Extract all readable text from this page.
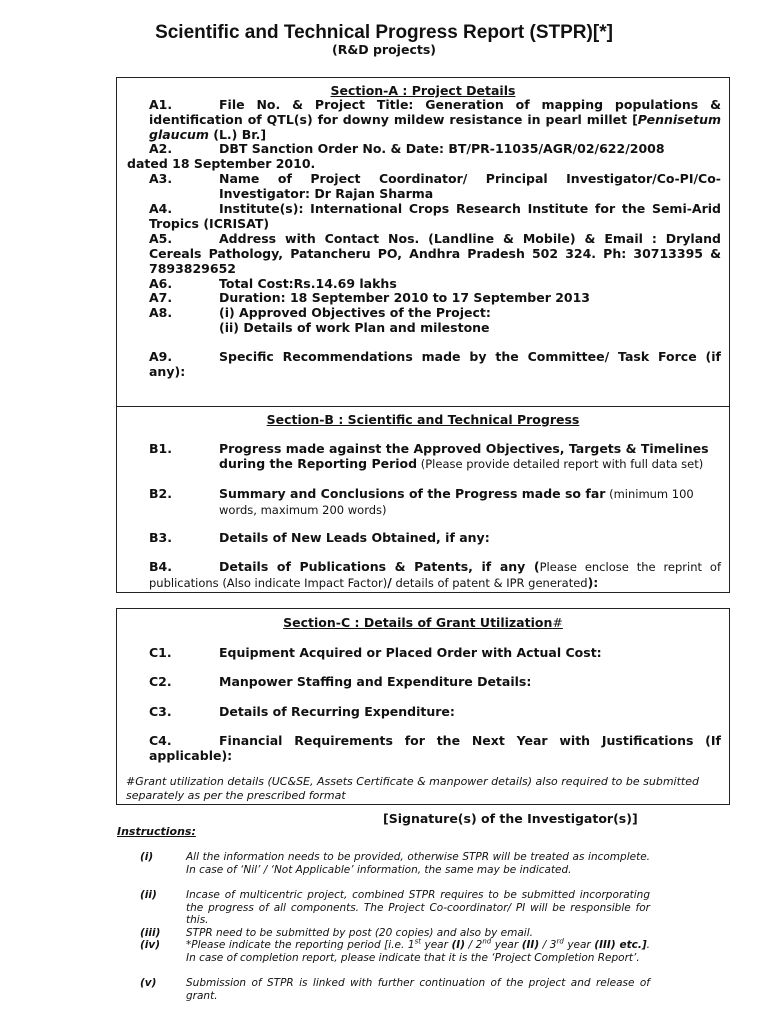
Scientific and Technical Progress Report (STPR)[*]
(R&D projects)
Section-A : Project Details
A1.	File No. & Project Title: Generation of mapping populations & identification of QTL(s) for downy mildew resistance in pearl millet [Pennisetum glaucum (L.) Br.]
A2.	DBT Sanction Order No. & Date: BT/PR-11035/AGR/02/622/2008
dated 18 September 2010.
A3.	Name of Project Coordinator/ Principal Investigator/Co-PI/Co-Investigator: Dr Rajan Sharma
A4.	Institute(s): International Crops Research Institute for the Semi-Arid Tropics (ICRISAT)
A5.	Address with Contact Nos. (Landline & Mobile) & Email : Dryland Cereals Pathology, Patancheru PO, Andhra Pradesh 502 324. Ph: 30713395 & 7893829652
A6.	Total Cost:Rs.14.69 lakhs
A7.	Duration: 18 September 2010 to 17 September 2013
A8.	(i) Approved Objectives of the Project:
(ii) Details of work Plan and milestone
A9.	Specific Recommendations made by the Committee/ Task Force (if any):
Section-B : Scientific and Technical Progress
B1.	Progress made against the Approved Objectives, Targets & Timelines during the Reporting Period (Please provide detailed report with full data set)
B2.	Summary and Conclusions of the Progress made so far (minimum 100 words, maximum 200 words)
B3.	Details of New Leads Obtained, if any:
B4.	Details of Publications & Patents, if any (Please enclose the reprint of publications (Also indicate Impact Factor)/ details of patent & IPR generated):
Section-C : Details of Grant Utilization#
C1.	Equipment Acquired or Placed Order with Actual Cost:
C2.	Manpower Staffing and Expenditure Details:
C3.	Details of Recurring Expenditure:
C4.	Financial Requirements for the Next Year with Justifications (If applicable):
#Grant utilization details (UC&SE, Assets Certificate & manpower details) also required to be submitted separately as per the prescribed format
[Signature(s) of the Investigator(s)]
Instructions:
(i)	All the information needs to be provided, otherwise STPR will be treated as incomplete. In case of ‘Nil’ / ‘Not Applicable’ information, the same may be indicated.
(ii)	Incase of multicentric project, combined STPR requires to be submitted incorporating the progress of all components. The Project Co-coordinator/ PI will be responsible for this.
(iii) STPR need to be submitted by post (20 copies) and also by email.
(iv) *Please indicate the reporting period [i.e. 1st year (I) / 2nd year (II) / 3rd year (III) etc.]. In case of completion report, please indicate that it is the ‘Project Completion Report’.
(v)	Submission of STPR is linked with further continuation of the project and release of grant.
